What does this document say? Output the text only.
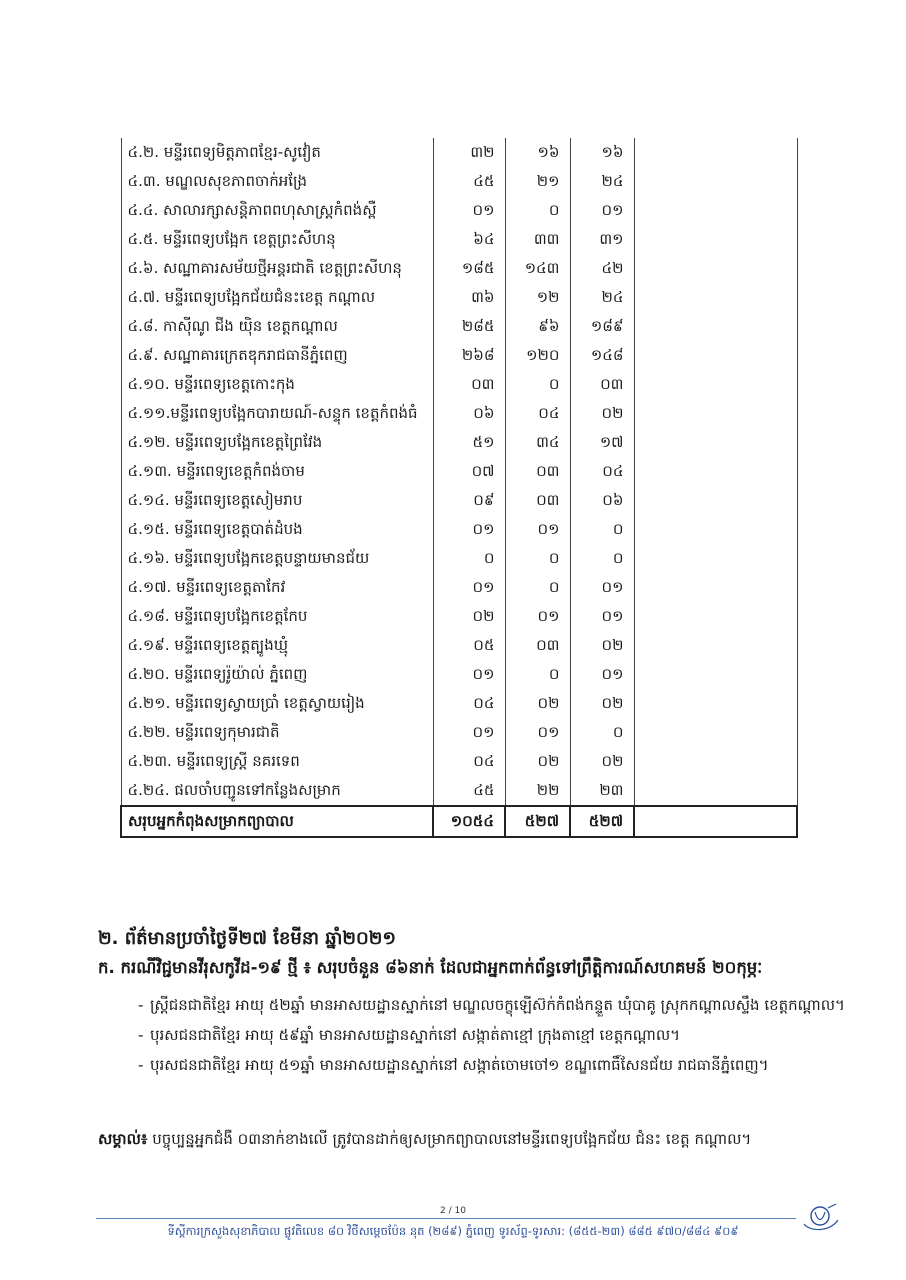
៤.២. មន្ទីរពេទ្យមិត្តភាពខ្មែរ-សូវៀត	៣២	១៦	១៦	
៤.៣. មណ្ឌលសុខភាពចាក់អង្រែ	៤៥	២១	២៤	
៤.៤. សាលារក្សាសន្តិភាពពហុសាស្ត្រកំពង់ស្ពឺ	០១	០	០១	
៤.៥. មន្ទីរពេទ្យបង្អែក ខេត្តព្រះសីហនុ	៦៤	៣៣	៣១	
៤.៦. សណ្ឋាគារសម័យថ្មីអន្តរជាតិ ខេត្តព្រះសីហនុ	១៨៥	១៤៣	៤២	
៤.៧. មន្ទីរពេទ្យបង្អែកជ័យជំនះខេត្ត កណ្តាល	៣៦	១២	២៤	
៤.៨. កាស៊ីណូ ជីង យ៉ិន ខេត្តកណ្តាល	២៨៥	៩៦	១៨៩	
៤.៩. សណ្ឋាគារក្រេតឌុករាជធានីភ្នំពេញ	២៦៨	១២០	១៤៨	
៤.១០. មន្ទីរពេទ្យខេត្តកោះកុង	០៣	០	០៣	
៤.១១.មន្ទីរពេទ្យបង្អែកបារាយណ៍-សន្ទុក ខេត្តកំពង់ធំ	០៦	០៤	០២	
៤.១២. មន្ទីរពេទ្យបង្អែកខេត្តព្រៃវែង	៥១	៣៤	១៧	
៤.១៣. មន្ទីរពេទ្យខេត្តកំពង់ចាម	០៧	០៣	០៤	
៤.១៤. មន្ទីរពេទ្យខេត្តសៀមរាប	០៩	០៣	០៦	
៤.១៥. មន្ទីរពេទ្យខេត្តបាត់ដំបង	០១	០១	០	
៤.១៦. មន្ទីរពេទ្យបង្អែកខេត្តបន្ទាយមានជ័យ	០	០	០	
៤.១៧. មន្ទីរពេទ្យខេត្តតាកែវ	០១	០	០១	
៤.១៨. មន្ទីរពេទ្យបង្អែកខេត្តកែប	០២	០១	០១	
៤.១៩. មន្ទីរពេទ្យខេត្តត្បូងឃ្មុំ	០៥	០៣	០២	
៤.២០. មន្ទីរពេទ្យរ៉ូយ៉ាល់ ភ្នំពេញ	០១	០	០១	
៤.២១. មន្ទីរពេទ្យស្វាយប្រាំ ខេត្តស្វាយរៀង	០៤	០២	០២	
៤.២២. មន្ទីរពេទ្យកុមារជាតិ	០១	០១	០	
៤.២៣. មន្ទីរពេទ្យស្ត្រី នគរទេព	០៤	០២	០២	
៤.២៤. ផលចាំបញ្ជូនទៅកន្លែងសម្រាក	៤៥	២២	២៣	
សរុបអ្នកកំពុងសម្រាកព្យាបាល	១០៥៤	៥២៧	៥២៧	
២. ព័ត៌មានប្រចាំថ្ងៃទី២៧ ខែមីនា ឆ្នាំ២០២១
ក. ករណីវិជ្ជមានវីរុសកូវីដ-១៩ ថ្មី ៖ សរុបចំនួន ៨៦នាក់ ដែលជាអ្នកពាក់ព័ន្ធទៅព្រឹត្តិការណ៍សហគមន៍ ២០កុម្ភៈ
- ស្ត្រីជនជាតិខ្មែរ អាយុ ៥២ឆ្នាំ មានអាសយដ្ឋានស្នាក់នៅ មណ្ឌលចក្ខុឡើស៊ក់កំពង់កន្ទួត ឃុំបាគូ ស្រុកកណ្តាលស្ទឹង ខេត្តកណ្តាល។
- បុរសជនជាតិខ្មែរ អាយុ ៥៩ឆ្នាំ មានអាសយដ្ឋានស្នាក់នៅ សង្កាត់តាខ្មៅ ក្រុងតាខ្មៅ ខេត្តកណ្តាល។
- បុរសជនជាតិខ្មែរ អាយុ ៥១ឆ្នាំ មានអាសយដ្ឋានស្នាក់នៅ សង្កាត់ចោមចៅ១ ខណ្ឌពោធិ៍សែនជ័យ រាជធានីភ្នំពេញ។
សម្គាល់៖ បច្ចុប្បន្នអ្នកជំងឺ ០៣នាក់ខាងលើ ត្រូវបានដាក់ឲ្យសម្រាកព្យាបាលនៅមន្ទីរពេទ្យបង្អែកជ័យ ជំនះ ខេត្ត កណ្តាល។
2 / 10
ទីស្តីការក្រសួងសុខាភិបាល ផ្លូវតិលេខ ៨០ វិថីសម្តេចប៉ែន នុត (២៨៩) ភ្នំពេញ ទូរស័ព្ទ-ទូរសារ: (៨៥៥-២៣) ៨៨៥ ៩៧០/៨៨៤ ៩០៩
